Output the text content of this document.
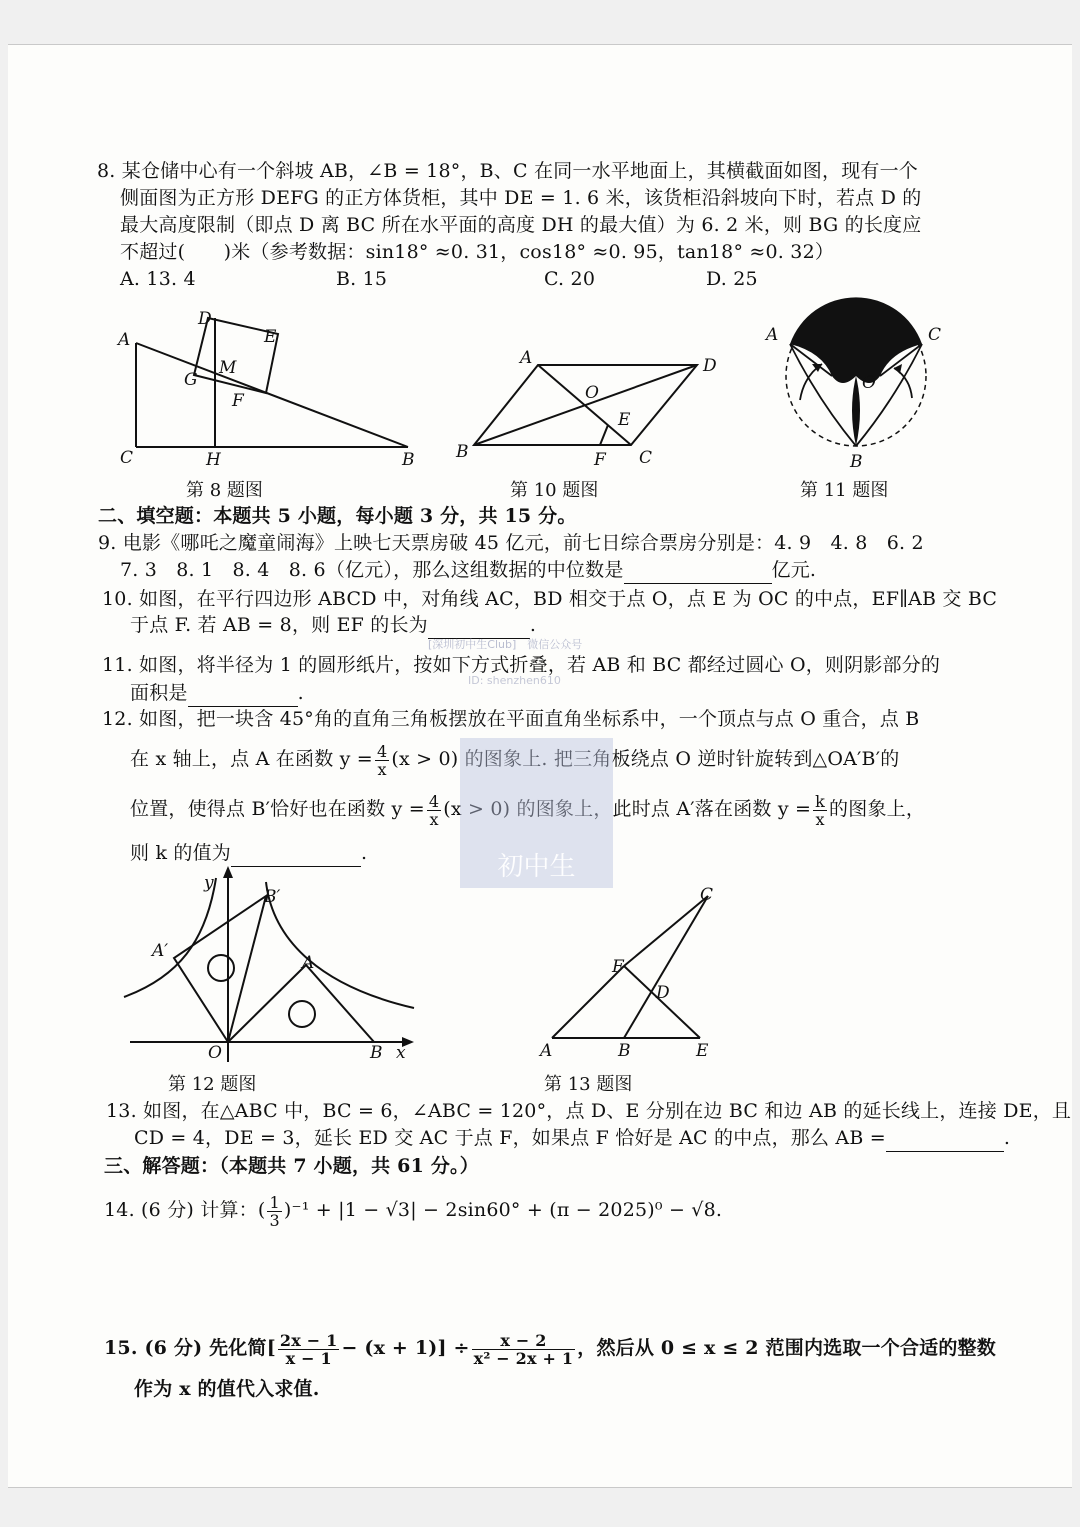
8. 某仓储中心有一个斜坡 AB，∠B = 18°，B、C 在同一水平地面上，其横截面如图，现有一个
侧面图为正方形 DEFG 的正方体货柜，其中 DE = 1. 6 米，该货柜沿斜坡向下时，若点 D 的
最大高度限制（即点 D 离 BC 所在水平面的高度 DH 的最大值）为 6. 2 米，则 BG 的长度应
不超过(　　)米（参考数据：sin18° ≈0. 31，cos18° ≈0. 95，tan18° ≈0. 32）
A. 13. 4	B. 15	C. 20	D. 25
D
E
A
M
G
F
C	H	B
第 8 题图
A	D
O
E
B	F C
第 10 题图
A	C
O
B
第 11 题图
二、填空题：本题共 5 小题，每小题 3 分，共 15 分。
9. 电影《哪吒之魔童闹海》上映七天票房破 45 亿元，前七日综合票房分别是：4. 9　4. 8　6. 2
7. 3　8. 1　8. 4　8. 6（亿元），那么这组数据的中位数是	亿元.
10. 如图，在平行四边形 ABCD 中，对角线 AC，BD 相交于点 O，点 E 为 OC 的中点，EF∥AB 交 BC
于点 F. 若 AB = 8，则 EF 的长为	.
11. 如图，将半径为 1 的圆形纸片，按如下方式折叠，若 AB 和 BC 都经过圆心 O，则阴影部分的
面积是	.
12. 如图，把一块含 45°角的直角三角板摆放在平面直角坐标系中，一个顶点与点 O 重合，点 B
在 x 轴上，点 A 在函数 $y = \frac{4}{x} (x > 0)$ 的图象上. 把三角板绕点 O 逆时针旋转到△OA′B′的
位置，使得点 B′恰好也在函数 $y = \frac{4}{x} (x > 0)$ 的图象上，此时点 A′落在函数 $y = \frac{k}{x}$ 的图象上，
则 k 的值为	.
y
B′
A′
A
O	B x
第 12 题图
C
F
D
A	B	E
第 13 题图
13. 如图，在△ABC 中，BC = 6，∠ABC = 120°，点 D、E 分别在边 BC 和边 AB 的延长线上，连接 DE，且
CD = 4，DE = 3，延长 ED 交 AC 于点 F，如果点 F 恰好是 AC 的中点，那么 AB =	.
三、解答题：（本题共 7 小题，共 61 分。）
14. (6 分) 计算：( $\frac{1}{3} )^{-1} + |1 - √3| - 2\sin 60^\circ + (\pi - 2025)^0 - √8$.
15. (6 分) 先化简[ $\frac{2x - 1}{x - 1} - (x + 1)] \div \frac{x - 2}{\text{x² − 2x + 1}}$ ，然后从 0 ≤ x ≤ 2 范围内选取一个合适的整数
作为 x 的值代入求值.
[深圳初中生Club]　微信公众号
ID: shenzhen610
初中生
